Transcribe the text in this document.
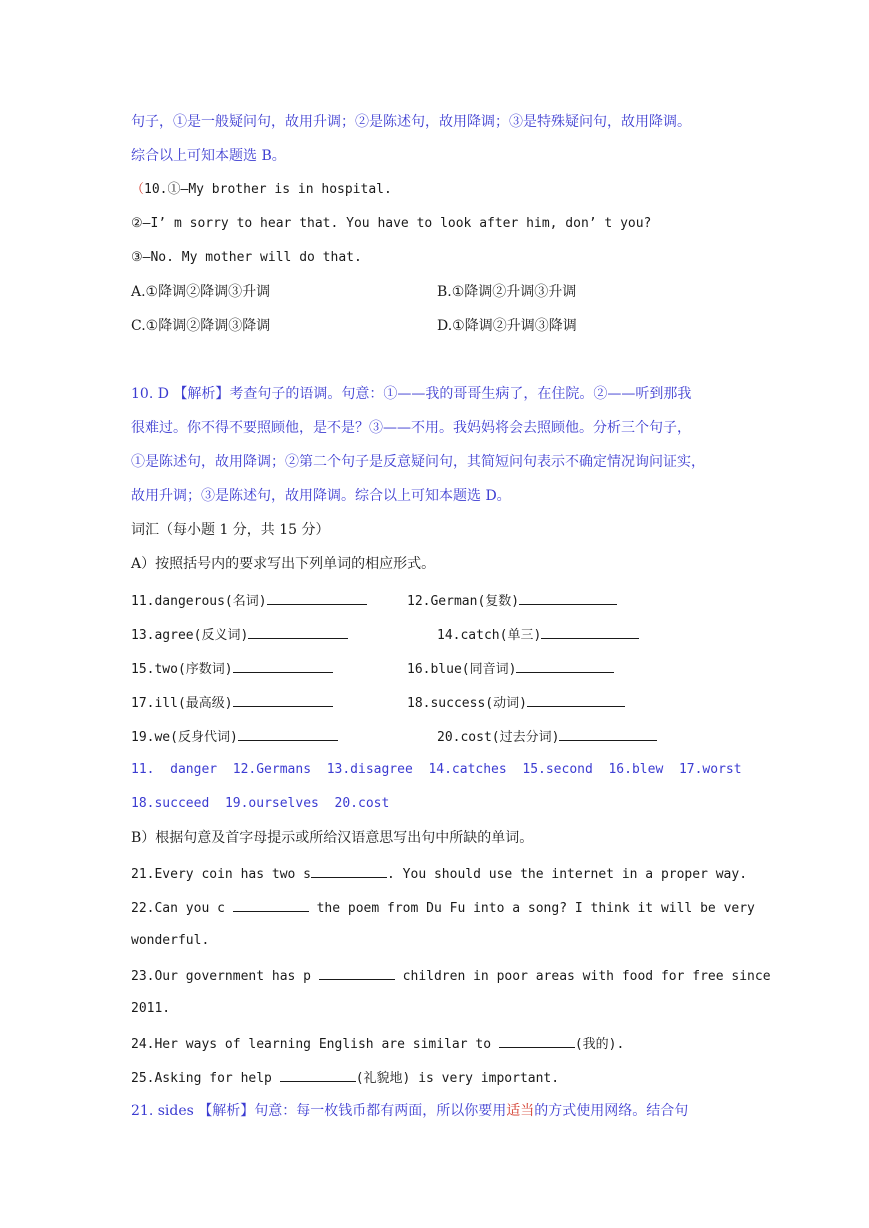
句子，①是一般疑问句，故用升调；②是陈述句，故用降调；③是特殊疑问句，故用降调。
综合以上可知本题选 B。
（10.①—My brother is in hospital.
②—I’ m sorry to hear that. You have to look after him, don’ t you?
③—No. My mother will do that.
A.①降调②降调③升调	B.①降调②升调③升调
C.①降调②降调③降调	D.①降调②升调③降调
10. D 【解析】考查句子的语调。句意：①——我的哥哥生病了，在住院。②——听到那我
很难过。你不得不要照顾他，是不是？③——不用。我妈妈将会去照顾他。分析三个句子，
①是陈述句，故用降调；②第二个句子是反意疑问句，其简短问句表示不确定情况询问证实，
故用升调；③是陈述句，故用降调。综合以上可知本题选 D。
词汇（每小题 1 分，共 15 分）
A）按照括号内的要求写出下列单词的相应形式。
11.dangerous(名词)	12.German(复数)
13.agree(反义词)	14.catch(单三)
15.two(序数词)	16.blue(同音词)
17.ill(最高级)	18.success(动词)
19.we(反身代词)	20.cost(过去分词)
11.  danger 12.Germans 13.disagree 14.catches 15.second 16.blew 17.worst
18.succeed 19.ourselves 20.cost
B）根据句意及首字母提示或所给汉语意思写出句中所缺的单词。
21.Every coin has two s	. You should use the internet in a proper way.
22.Can you c	the poem from Du Fu into a song? I think it will be very
wonderful.
23.Our government has p	children in poor areas with food for free since
2011.
24.Her ways of learning English are similar to	(我的).
25.Asking for help	(礼貌地) is very important.
21. sides 【解析】句意：每一枚钱币都有两面，所以你要用适当的方式使用网络。结合句
